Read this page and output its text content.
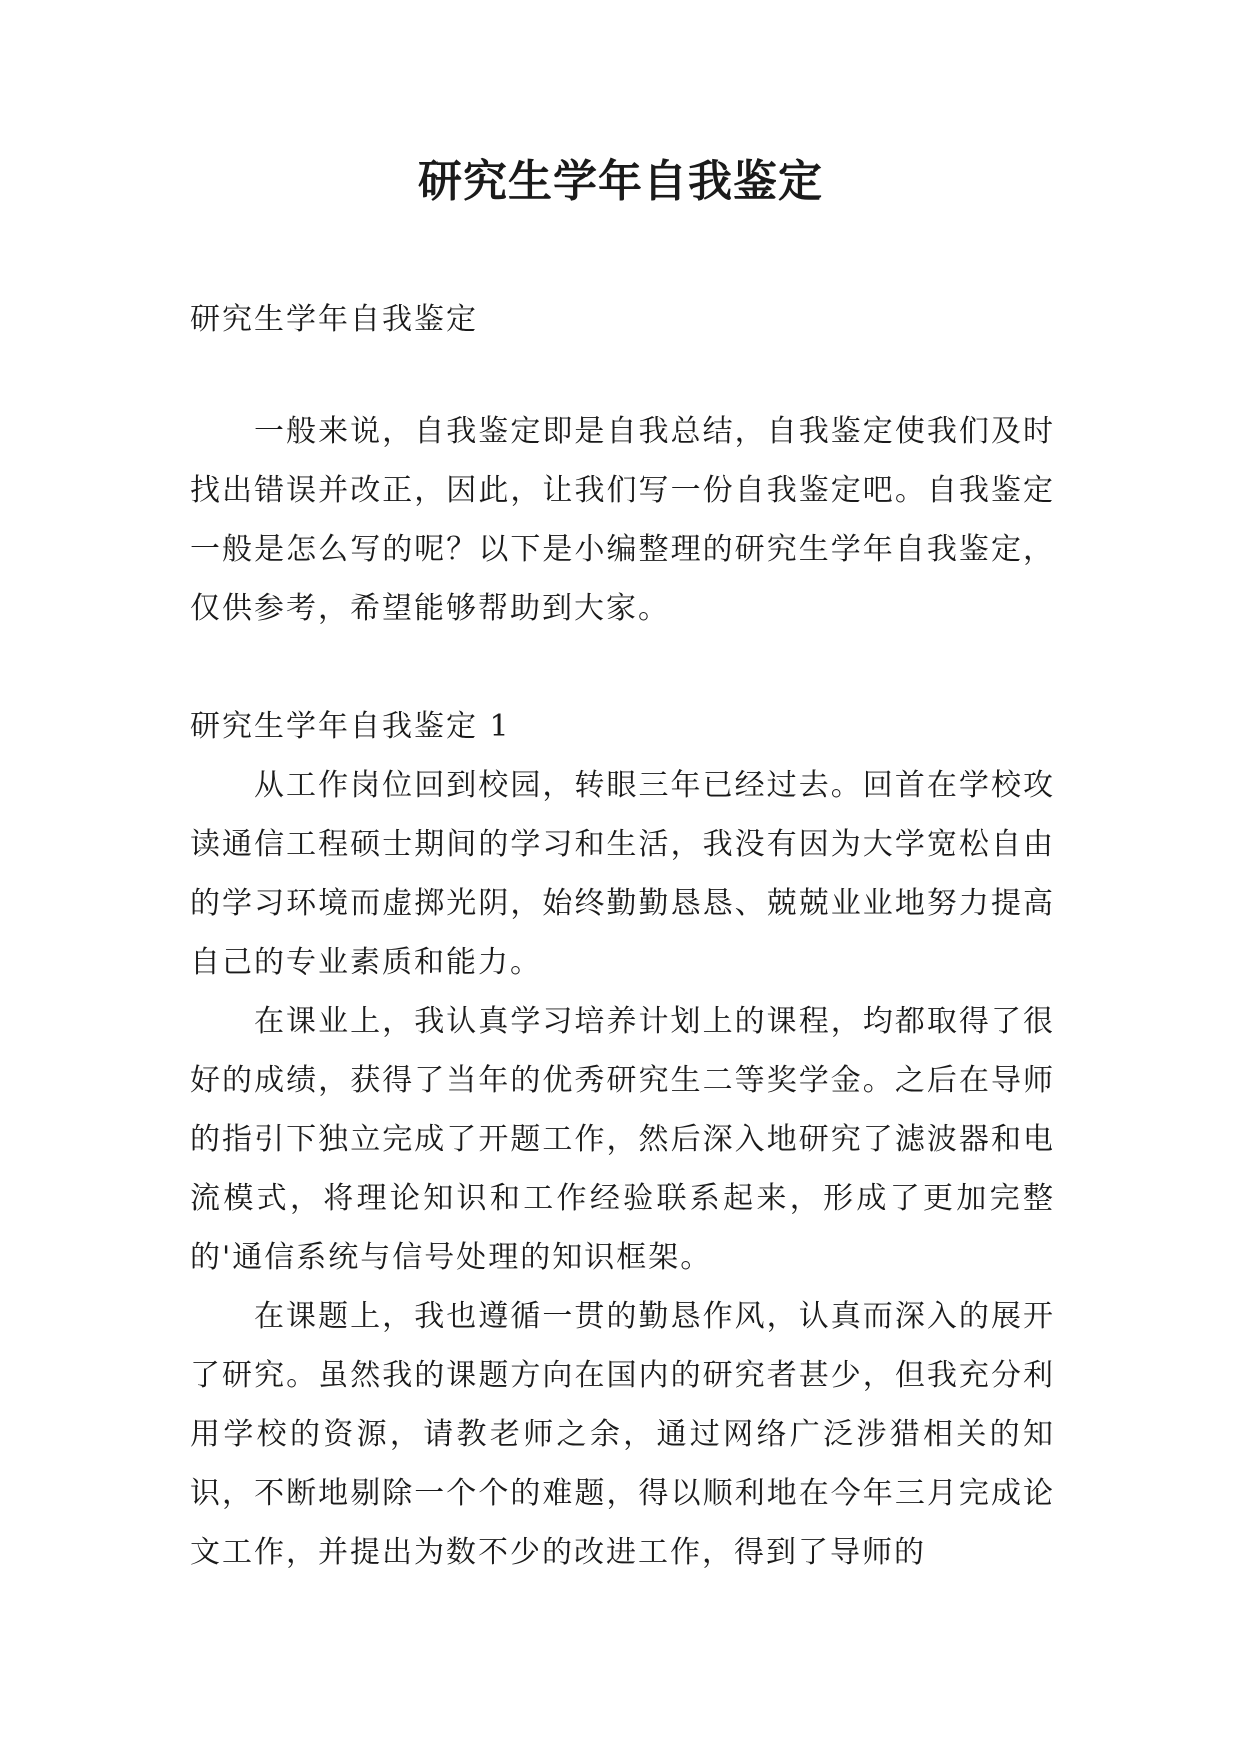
研究生学年自我鉴定

研究生学年自我鉴定

一般来说，自我鉴定即是自我总结，自我鉴定使我们及时找出错误并改正，因此，让我们写一份自我鉴定吧。自我鉴定一般是怎么写的呢？以下是小编整理的研究生学年自我鉴定，仅供参考，希望能够帮助到大家。

研究生学年自我鉴定 1

从工作岗位回到校园，转眼三年已经过去。回首在学校攻读通信工程硕士期间的学习和生活，我没有因为大学宽松自由的学习环境而虚掷光阴，始终勤勤恳恳、兢兢业业地努力提高自己的专业素质和能力。

在课业上，我认真学习培养计划上的课程，均都取得了很好的成绩，获得了当年的优秀研究生二等奖学金。之后在导师的指引下独立完成了开题工作，然后深入地研究了滤波器和电流模式，将理论知识和工作经验联系起来，形成了更加完整的'通信系统与信号处理的知识框架。

在课题上，我也遵循一贯的勤恳作风，认真而深入的展开了研究。虽然我的课题方向在国内的研究者甚少，但我充分利用学校的资源，请教老师之余，通过网络广泛涉猎相关的知识，不断地剔除一个个的难题，得以顺利地在今年三月完成论文工作，并提出为数不少的改进工作，得到了导师的
